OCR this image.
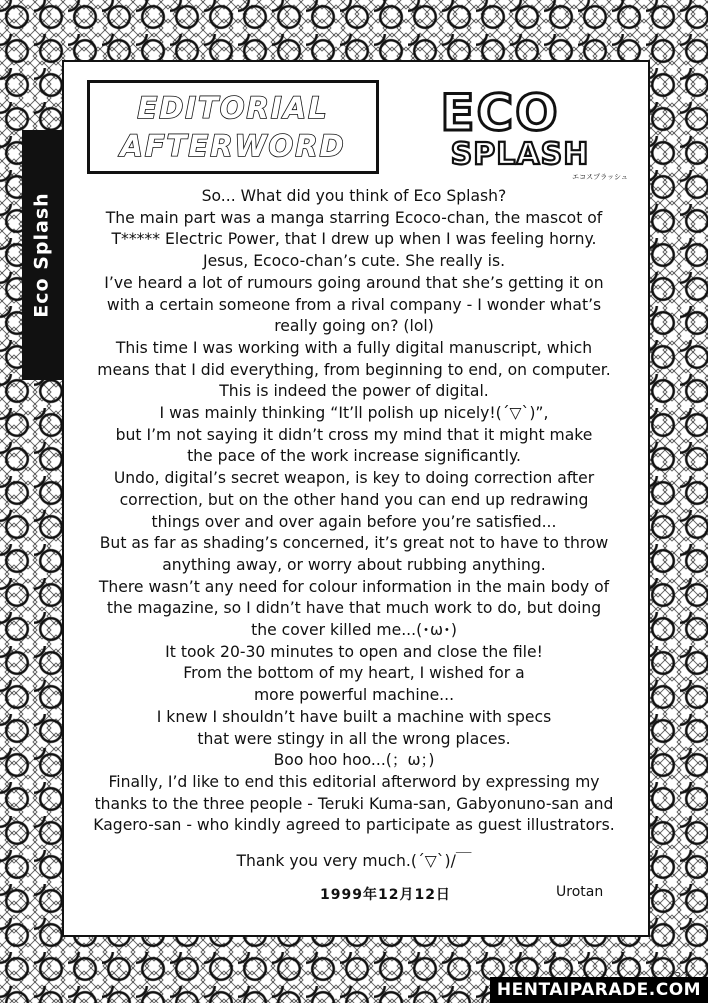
Eco Splash
EDITORIAL
AFTERWORD
ECO
SPLASH
エコスプラッシュ

So... What did you think of Eco Splash?

The main part was a manga starring Ecoco-chan, the mascot of

T***** Electric Power, that I drew up when I was feeling horny.

Jesus, Ecoco-chan’s cute. She really is.

I’ve heard a lot of rumours going around that she’s getting it on

with a certain someone from a rival company - I wonder what’s

really going on? (lol)

This time I was working with a fully digital manuscript, which

means that I did everything, from beginning to end, on computer.

This is indeed the power of digital.

I was mainly thinking “It’ll polish up nicely!(´▽`)”,

but I’m not saying it didn’t cross my mind that it might make

the pace of the work increase significantly.

Undo, digital’s secret weapon, is key to doing correction after

correction, but on the other hand you can end up redrawing

things over and over again before you’re satisfied...

But as far as shading’s concerned, it’s great not to have to throw

anything away, or worry about rubbing anything.

There wasn’t any need for colour information in the main body of

the magazine, so I didn’t have that much work to do, but doing

the cover killed me...(･ω･)

It took 20-30 minutes to open and close the file!

From the bottom of my heart, I wished for a

more powerful machine...

I knew I shouldn’t have built a machine with specs

that were stingy in all the wrong places.

Boo hoo hoo...(；ω；)

Finally, I’d like to end this editorial afterword by expressing my

thanks to the three people - Teruki Kuma-san, Gabyonuno-san and

Kagero-san - who kindly agreed to participate as guest illustrators.

Thank you very much.(´▽`)/￣
1999年12月12日	Urotan
HENTAIPARADE.COM
